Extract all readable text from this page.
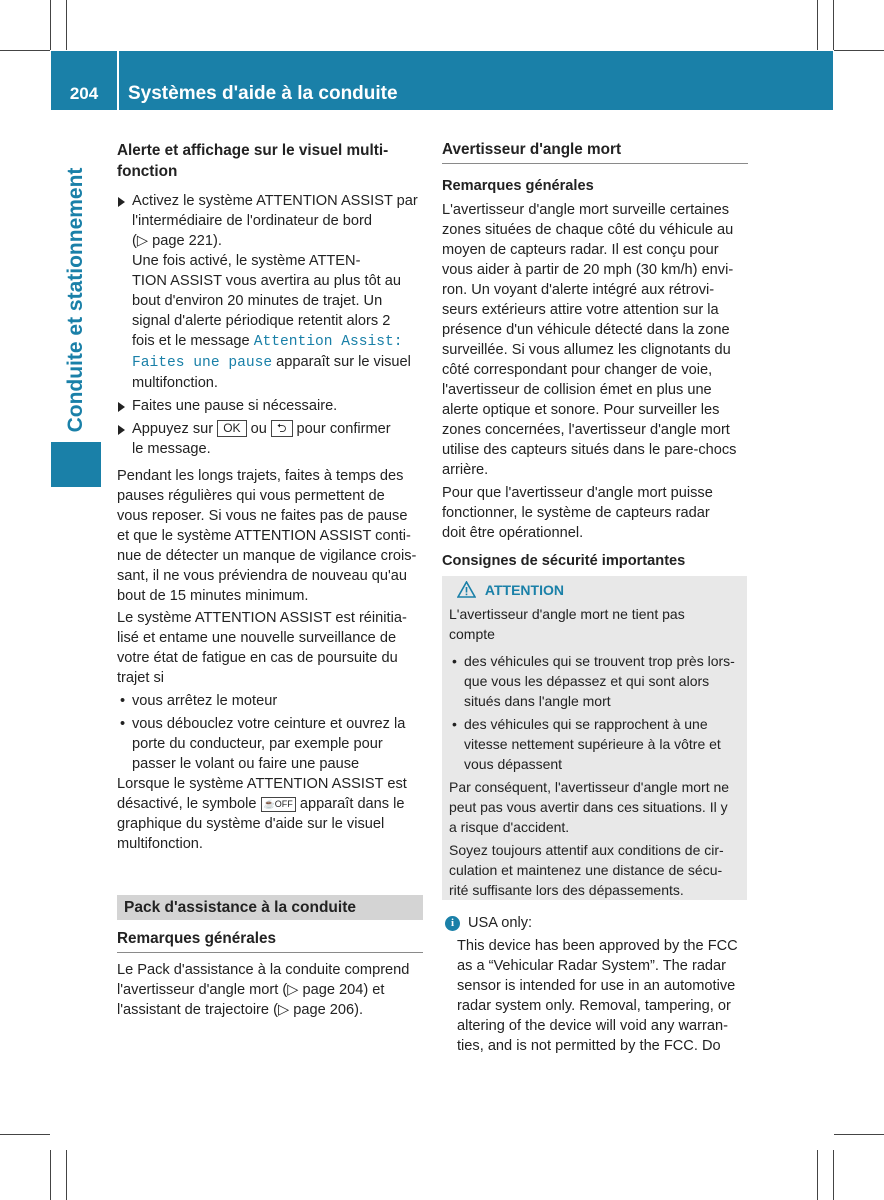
204	Systèmes d'aide à la conduite
Conduite et stationnement

Alerte et affichage sur le visuel multi-fonction

Activez le système ATTENTION ASSIST par
l'intermédiaire de l'ordinateur de bord
(▷ page 221).
Une fois activé, le système ATTEN-
TION ASSIST vous avertira au plus tôt au
bout d'environ 20 minutes de trajet. Un
signal d'alerte périodique retentit alors 2
fois et le message Attention Assist:
Faites une pause apparaît sur le visuel
multifonction.
Faites une pause si nécessaire.
Appuyez sur OK ou ⮌ pour confirmer
le message.
Pendant les longs trajets, faites à temps des
pauses régulières qui vous permettent de
vous reposer. Si vous ne faites pas de pause
et que le système ATTENTION ASSIST conti-
nue de détecter un manque de vigilance crois-
sant, il ne vous préviendra de nouveau qu'au
bout de 15 minutes minimum.
Le système ATTENTION ASSIST est réinitia-
lisé et entame une nouvelle surveillance de
votre état de fatigue en cas de poursuite du
trajet si
• vous arrêtez le moteur
• vous débouclez votre ceinture et ouvrez la
porte du conducteur, par exemple pour
passer le volant ou faire une pause
Lorsque le système ATTENTION ASSIST est
désactivé, le symbole ☕OFF apparaît dans le
graphique du système d'aide sur le visuel
multifonction.
Pack d'assistance à la conduite

Remarques générales

Le Pack d'assistance à la conduite comprend
l'avertisseur d'angle mort (▷ page 204) et
l'assistant de trajectoire (▷ page 206).

Avertisseur d'angle mort

Remarques générales

L'avertisseur d'angle mort surveille certaines
zones situées de chaque côté du véhicule au
moyen de capteurs radar. Il est conçu pour
vous aider à partir de 20 mph (30 km/h) envi-
ron. Un voyant d'alerte intégré aux rétrovi-
seurs extérieurs attire votre attention sur la
présence d'un véhicule détecté dans la zone
surveillée. Si vous allumez les clignotants du
côté correspondant pour changer de voie,
l'avertisseur de collision émet en plus une
alerte optique et sonore. Pour surveiller les
zones concernées, l'avertisseur d'angle mort
utilise des capteurs situés dans le pare-chocs
arrière.
Pour que l'avertisseur d'angle mort puisse
fonctionner, le système de capteurs radar
doit être opérationnel.

Consignes de sécurité importantes

ATTENTION
L'avertisseur d'angle mort ne tient pas
compte
• des véhicules qui se trouvent trop près lors-
que vous les dépassez et qui sont alors
situés dans l'angle mort
• des véhicules qui se rapprochent à une
vitesse nettement supérieure à la vôtre et
vous dépassent
Par conséquent, l'avertisseur d'angle mort ne
peut pas vous avertir dans ces situations. Il y
a risque d'accident.
Soyez toujours attentif aux conditions de cir-
culation et maintenez une distance de sécu-
rité suffisante lors des dépassements.
i USA only:
This device has been approved by the FCC
as a “Vehicular Radar System”. The radar
sensor is intended for use in an automotive
radar system only. Removal, tampering, or
altering of the device will void any warran-
ties, and is not permitted by the FCC. Do
